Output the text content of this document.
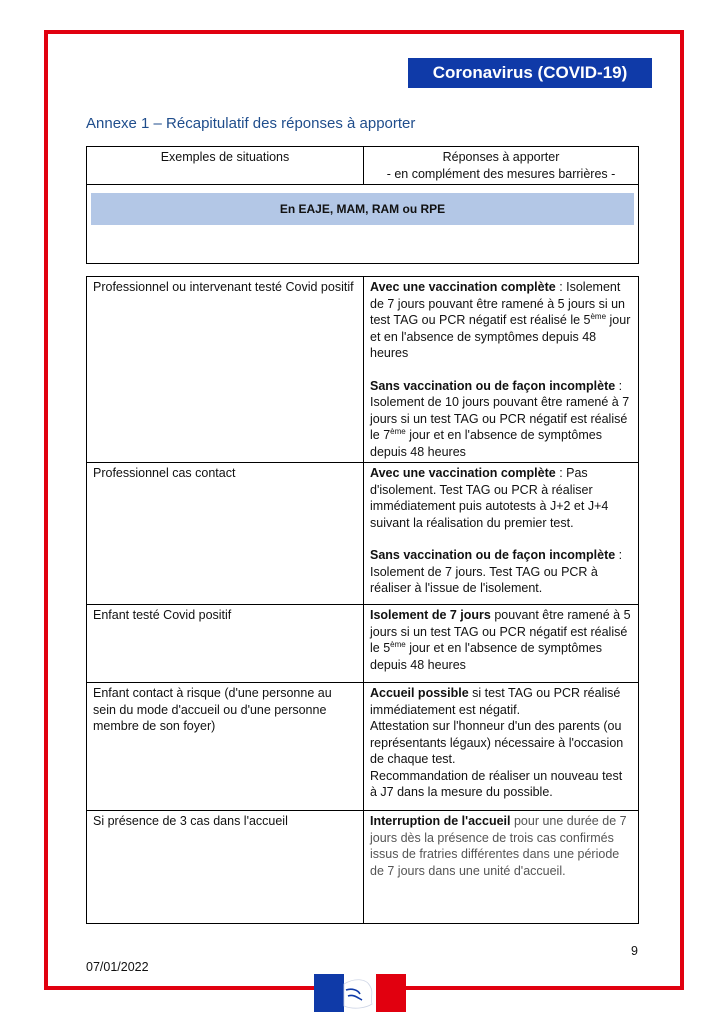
Coronavirus (COVID-19)
Annexe 1 – Récapitulatif des réponses à apporter
Exemples de situations	Réponses à apporter
- en complément des mesures barrières -

En EAJE, MAM, RAM ou RPE	

Professionnel ou intervenant testé Covid positif	Avec une vaccination complète : Isolement de 7 jours pouvant être ramené à 5 jours si un test TAG ou PCR négatif est réalisé le 5ème jour et en l'absence de symptômes depuis 48 heures

Sans vaccination ou de façon incomplète : Isolement de 10 jours pouvant être ramené à 7 jours si un test TAG ou PCR négatif est réalisé le 7ème jour et en l'absence de symptômes depuis 48 heures

Professionnel cas contact	Avec une vaccination complète : Pas d'isolement. Test TAG ou PCR à réaliser immédiatement puis autotests à J+2 et J+4 suivant la réalisation du premier test.

Sans vaccination ou de façon incomplète : Isolement de 7 jours. Test TAG ou PCR à réaliser à l'issue de l'isolement.

Enfant testé Covid positif	Isolement de 7 jours pouvant être ramené à 5 jours si un test TAG ou PCR négatif est réalisé le 5ème jour et en l'absence de symptômes depuis 48 heures

Enfant contact à risque (d'une personne au sein du mode d'accueil ou d'une personne membre de son foyer)	Accueil possible si test TAG ou PCR réalisé immédiatement est négatif.

Attestation sur l'honneur d'un des parents (ou représentants légaux) nécessaire à l'occasion de chaque test.

Recommandation de réaliser un nouveau test à J7 dans la mesure du possible.

Si présence de 3 cas dans l'accueil	Interruption de l'accueil pour une durée de 7 jours dès la présence de trois cas confirmés issus de fratries différentes dans une période de 7 jours dans une unité d'accueil.

9
07/01/2022
